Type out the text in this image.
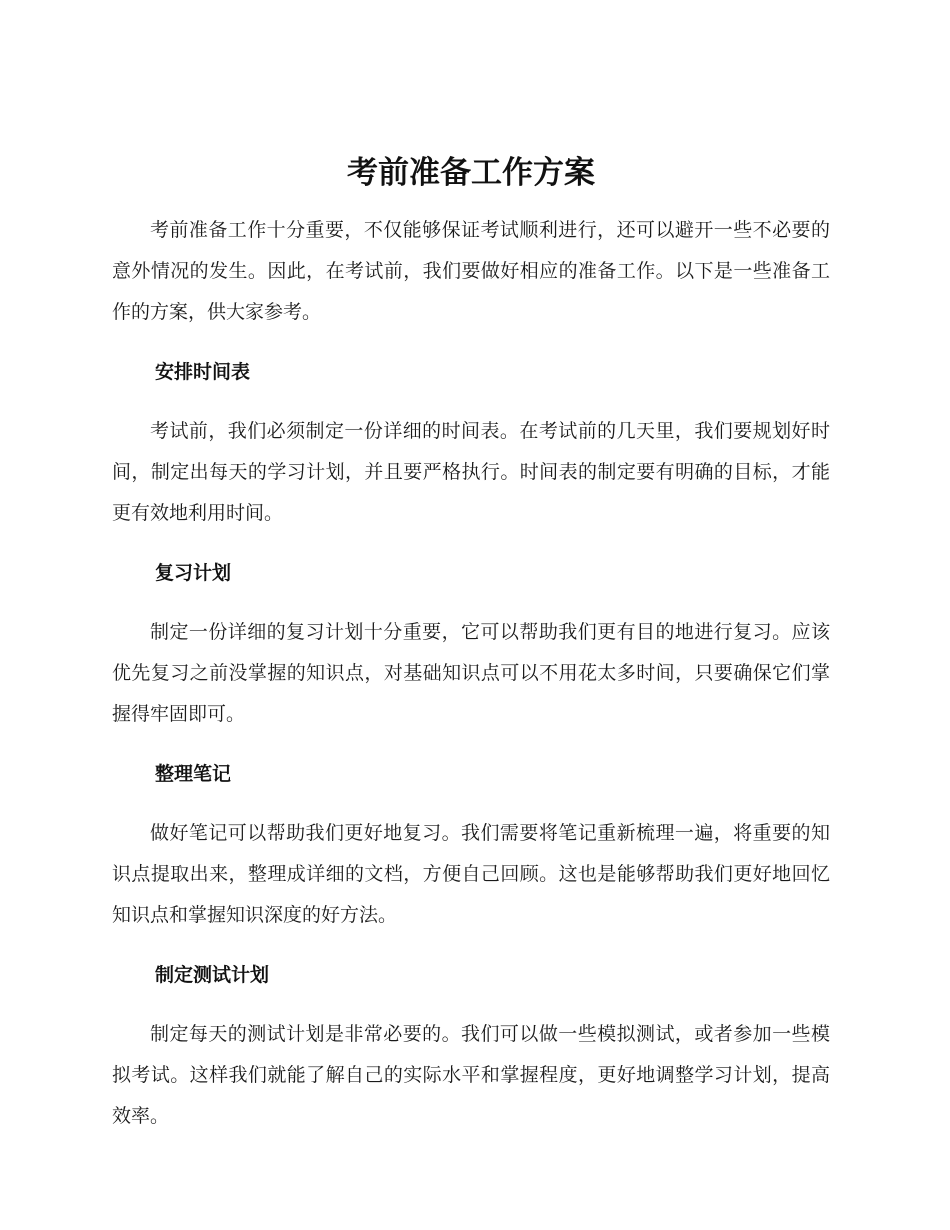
考前准备工作方案

考前准备工作十分重要，不仅能够保证考试顺利进行，还可以避开一些不必要的意外情况的发生。因此，在考试前，我们要做好相应的准备工作。以下是一些准备工作的方案，供大家参考。

安排时间表

考试前，我们必须制定一份详细的时间表。在考试前的几天里，我们要规划好时间，制定出每天的学习计划，并且要严格执行。时间表的制定要有明确的目标，才能更有效地利用时间。

复习计划

制定一份详细的复习计划十分重要，它可以帮助我们更有目的地进行复习。应该优先复习之前没掌握的知识点，对基础知识点可以不用花太多时间，只要确保它们掌握得牢固即可。

整理笔记

做好笔记可以帮助我们更好地复习。我们需要将笔记重新梳理一遍，将重要的知识点提取出来，整理成详细的文档，方便自己回顾。这也是能够帮助我们更好地回忆知识点和掌握知识深度的好方法。

制定测试计划

制定每天的测试计划是非常必要的。我们可以做一些模拟测试，或者参加一些模拟考试。这样我们就能了解自己的实际水平和掌握程度，更好地调整学习计划，提高效率。
